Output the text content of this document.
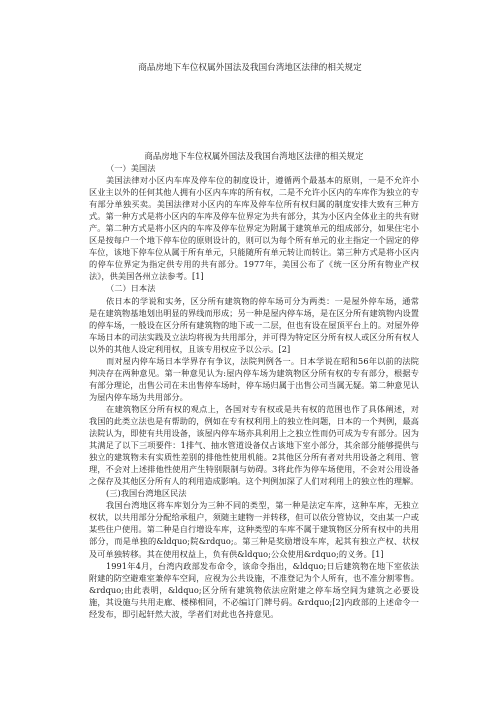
商品房地下车位权属外国法及我国台湾地区法律的相关规定
商品房地下车位权属外国法及我国台湾地区法律的相关规定

（一）美国法

美国法律对小区内车库及停车位的制度设计，遵循两个最基本的原则，一是不允许小区业主以外的任何其他人拥有小区内车库的所有权，二是不允许小区内的车库作为独立的专有部分单独买卖。美国法律对小区内的车库及停车位所有权归属的制度安排大致有三种方式。第一种方式是将小区内的车库及停车位界定为共有部分，其为小区内全体业主的共有财产。第二种方式是将小区内的车库及停车位界定为附属于建筑单元的组成部分，如果住宅小区是按每户一个地下停车位的原则设计的，则可以为每个所有单元的业主指定一个固定的停车位，该地下停车位从属于所有单元，只能随所有单元转让而转让。第三种方式是将小区内的停车位界定为指定供专用的共有部分。1977年，美国公布了《统一区分所有物业产权法》，供美国各州立法参考。[1]

（二）日本法

依日本的学说和实务，区分所有建筑物的停车场可分为两类：一是屋外停车场，通常是在建筑物基地划出明显的界线而形成；另一种是屋内停车场，是在区分所有建筑物内设置的停车场，一般设在区分所有建筑物的地下或一二层，但也有设在屋顶平台上的。对屋外停车场日本的司法实践及立法均将视为共用部分，并可得为特定区分所有权人或区分所有权人以外的其他人设定利用权，且该专用权应予以公示。[2]

而对屋内停车场日本学界存有争议，法院判例各一。日本学说在昭和56年以前的法院判决存在两种意见。第一种意见认为:屋内停车场为建筑物区分所有权的专有部分，根据专有部分理论，出售公司在未出售停车场时，停车场归属于出售公司当属无疑。第二种意见认为屋内停车场为共用部分。

在建筑物区分所有权的观点上，各国对专有权或是共有权的范围也作了具体阐述，对我国的此类立法也是有帮助的，例如在专有权利用上的独立性问题，日本的一个判例，最高法院认为，即使有共用设备，该屋内停车场亦具利用上之独立性而仍可成为专有部分。因为其满足了以下三项要件：1排气、抽水管道设备仅占该地下室小部分，其余部分能够提供与独立的建筑物未有实质性差别的排他性使用机能。2其他区分所有者对共用设备之利用、管理，不会对上述排他性使用产生特别限制与妨碍。3将此作为停车场使用，不会对公用设备之保存及其他区分所有人的利用造成影响。这个判例加深了人们对利用上的独立性的理解。

(三)我国台湾地区民法

我国台湾地区将车库划分为三种不同的类型，第一种是法定车库，这种车库，无独立权状，以共用部分分配给承租户，须随主建物一并转移，但可以依分管协议，交由某一户或某些住户使用。第二种是自行增设车库，这种类型的车库不属于建筑物区分所有权中的共用部分，而是单独的&ldquo;院&rdquo;。第三种是奖励增设车库，起其有独立产权、状权及可单独转移。其在使用权益上，负有供&ldquo;公众使用&rdquo;的义务。[1]

1991年4月，台湾内政部发布命令，该命令指出，&ldquo;日后建筑物在地下室依法附建的防空避难室兼停车空间，应视为公共设施，不准登记为个人所有，也不准分割零售。&rdquo;由此表明，&ldquo;区分所有建筑物依法应附建之停车场空间为建筑之必要设施，其设施与共用走廊、楼梯相同，不必编订门牌号码。&rdquo;[2]内政部的上述命令一经发布，即引起轩然大波，学者们对此也各持意见。
